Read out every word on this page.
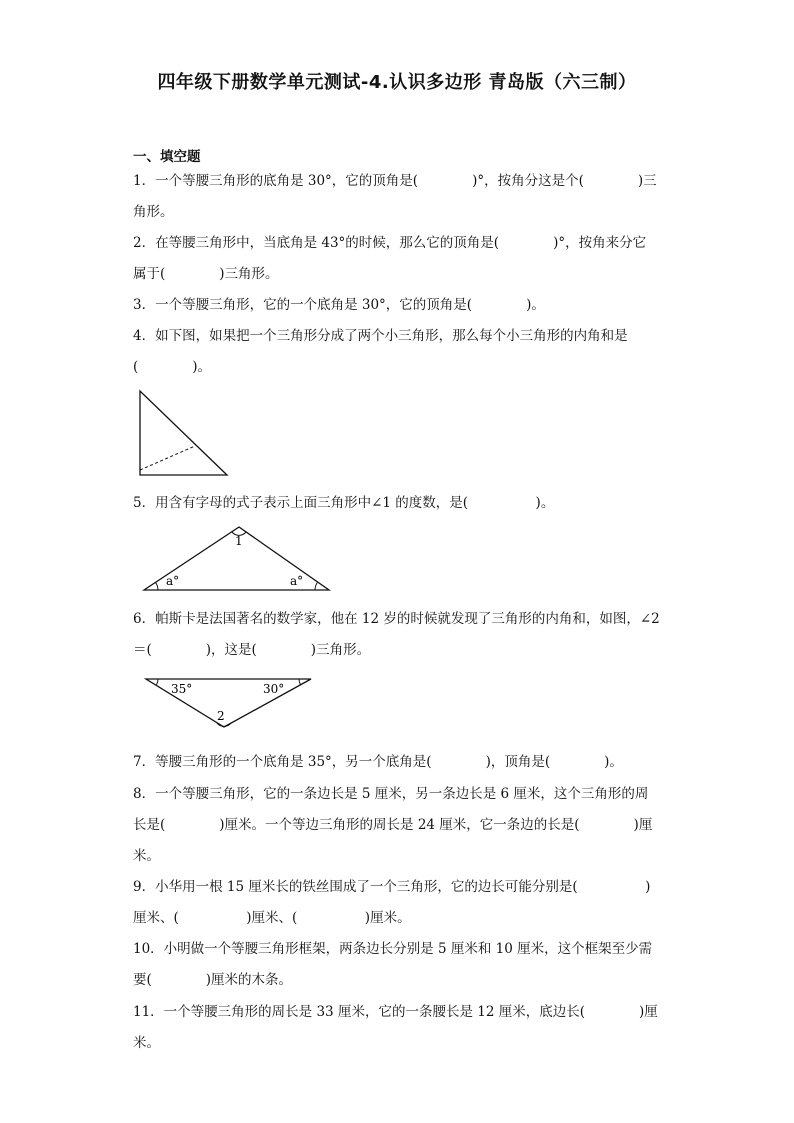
四年级下册数学单元测试-4.认识多边形 青岛版（六三制）
一、填空题
1．一个等腰三角形的底角是 30°，它的顶角是(　　　　)°，按角分这是个(　　　　)三
角形。
2．在等腰三角形中，当底角是 43°的时候，那么它的顶角是(　　　　)°，按角来分它
属于(　　　　)三角形。
3．一个等腰三角形，它的一个底角是 30°，它的顶角是(　　　　)。
4．如下图，如果把一个三角形分成了两个小三角形，那么每个小三角形的内角和是
(　　　　)。
5．用含有字母的式子表示上面三角形中∠1 的度数，是(　　　　　)。
1
a°	a°
6．帕斯卡是法国著名的数学家，他在 12 岁的时候就发现了三角形的内角和，如图，∠2
＝(　　　　)，这是(　　　　)三角形。
35°	30°
2
7．等腰三角形的一个底角是 35°，另一个底角是(　　　　)，顶角是(　　　　)。
8．一个等腰三角形，它的一条边长是 5 厘米，另一条边长是 6 厘米，这个三角形的周
长是(　　　　)厘米。一个等边三角形的周长是 24 厘米，它一条边的长是(　　　　)厘
米。
9．小华用一根 15 厘米长的铁丝围成了一个三角形，它的边长可能分别是(　　　　　)
厘米、(　　　　　)厘米、(　　　　　)厘米。
10．小明做一个等腰三角形框架，两条边长分别是 5 厘米和 10 厘米，这个框架至少需
要(　　　　)厘米的木条。
11．一个等腰三角形的周长是 33 厘米，它的一条腰长是 12 厘米，底边长(　　　　)厘
米。
